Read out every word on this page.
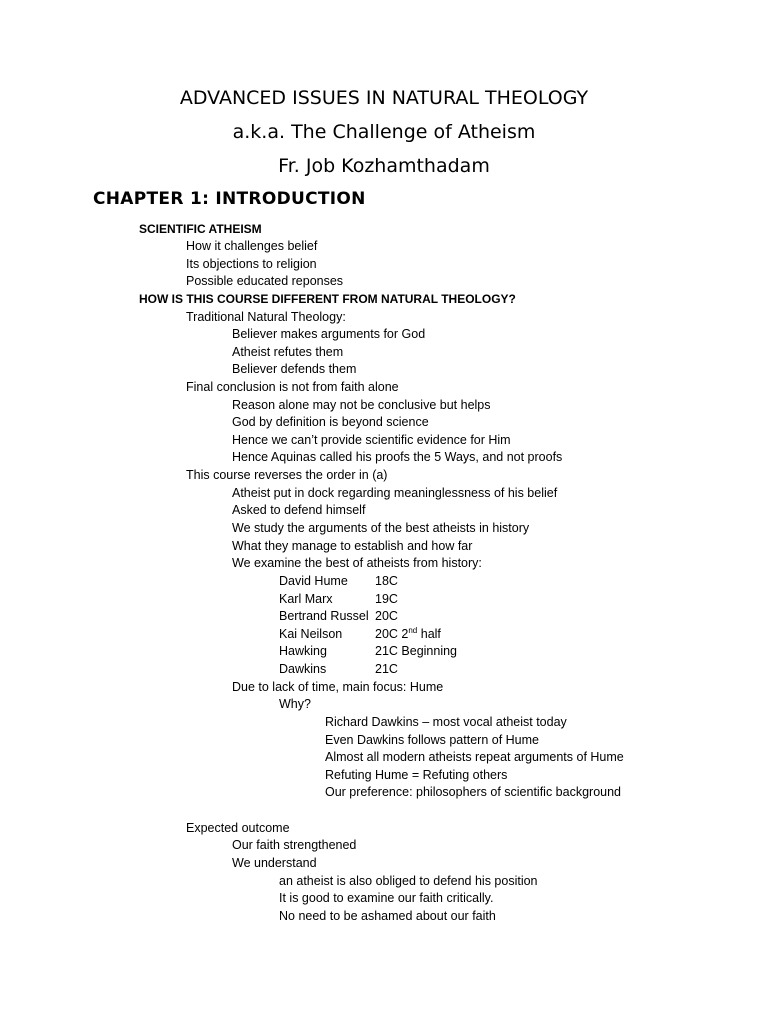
ADVANCED ISSUES IN NATURAL THEOLOGY
a.k.a. The Challenge of Atheism
Fr. Job Kozhamthadam
CHAPTER 1: INTRODUCTION
SCIENTIFIC ATHEISM
How it challenges belief
Its objections to religion
Possible educated reponses
HOW IS THIS COURSE DIFFERENT FROM NATURAL THEOLOGY?
Traditional Natural Theology:
Believer makes arguments for God
Atheist refutes them
Believer defends them
Final conclusion is not from faith alone
Reason alone may not be conclusive but helps
God by definition is beyond science
Hence we can’t provide scientific evidence for Him
Hence Aquinas called his proofs the 5 Ways, and not proofs
This course reverses the order in (a)
Atheist put in dock regarding meaninglessness of his belief
Asked to defend himself
We study the arguments of the best atheists in history
What they manage to establish and how far
We examine the best of atheists from history:
David Hume 18C
Karl Marx	19C
Bertrand Russel 20C
Kai Neilson	20C 2nd half
Hawking	21C Beginning
Dawkins	21C
Due to lack of time, main focus: Hume
Why?
Richard Dawkins – most vocal atheist today
Even Dawkins follows pattern of Hume
Almost all modern atheists repeat arguments of Hume
Refuting Hume = Refuting others
Our preference: philosophers of scientific background
Expected outcome
Our faith strengthened
We understand
an atheist is also obliged to defend his position
It is good to examine our faith critically.
No need to be ashamed about our faith
